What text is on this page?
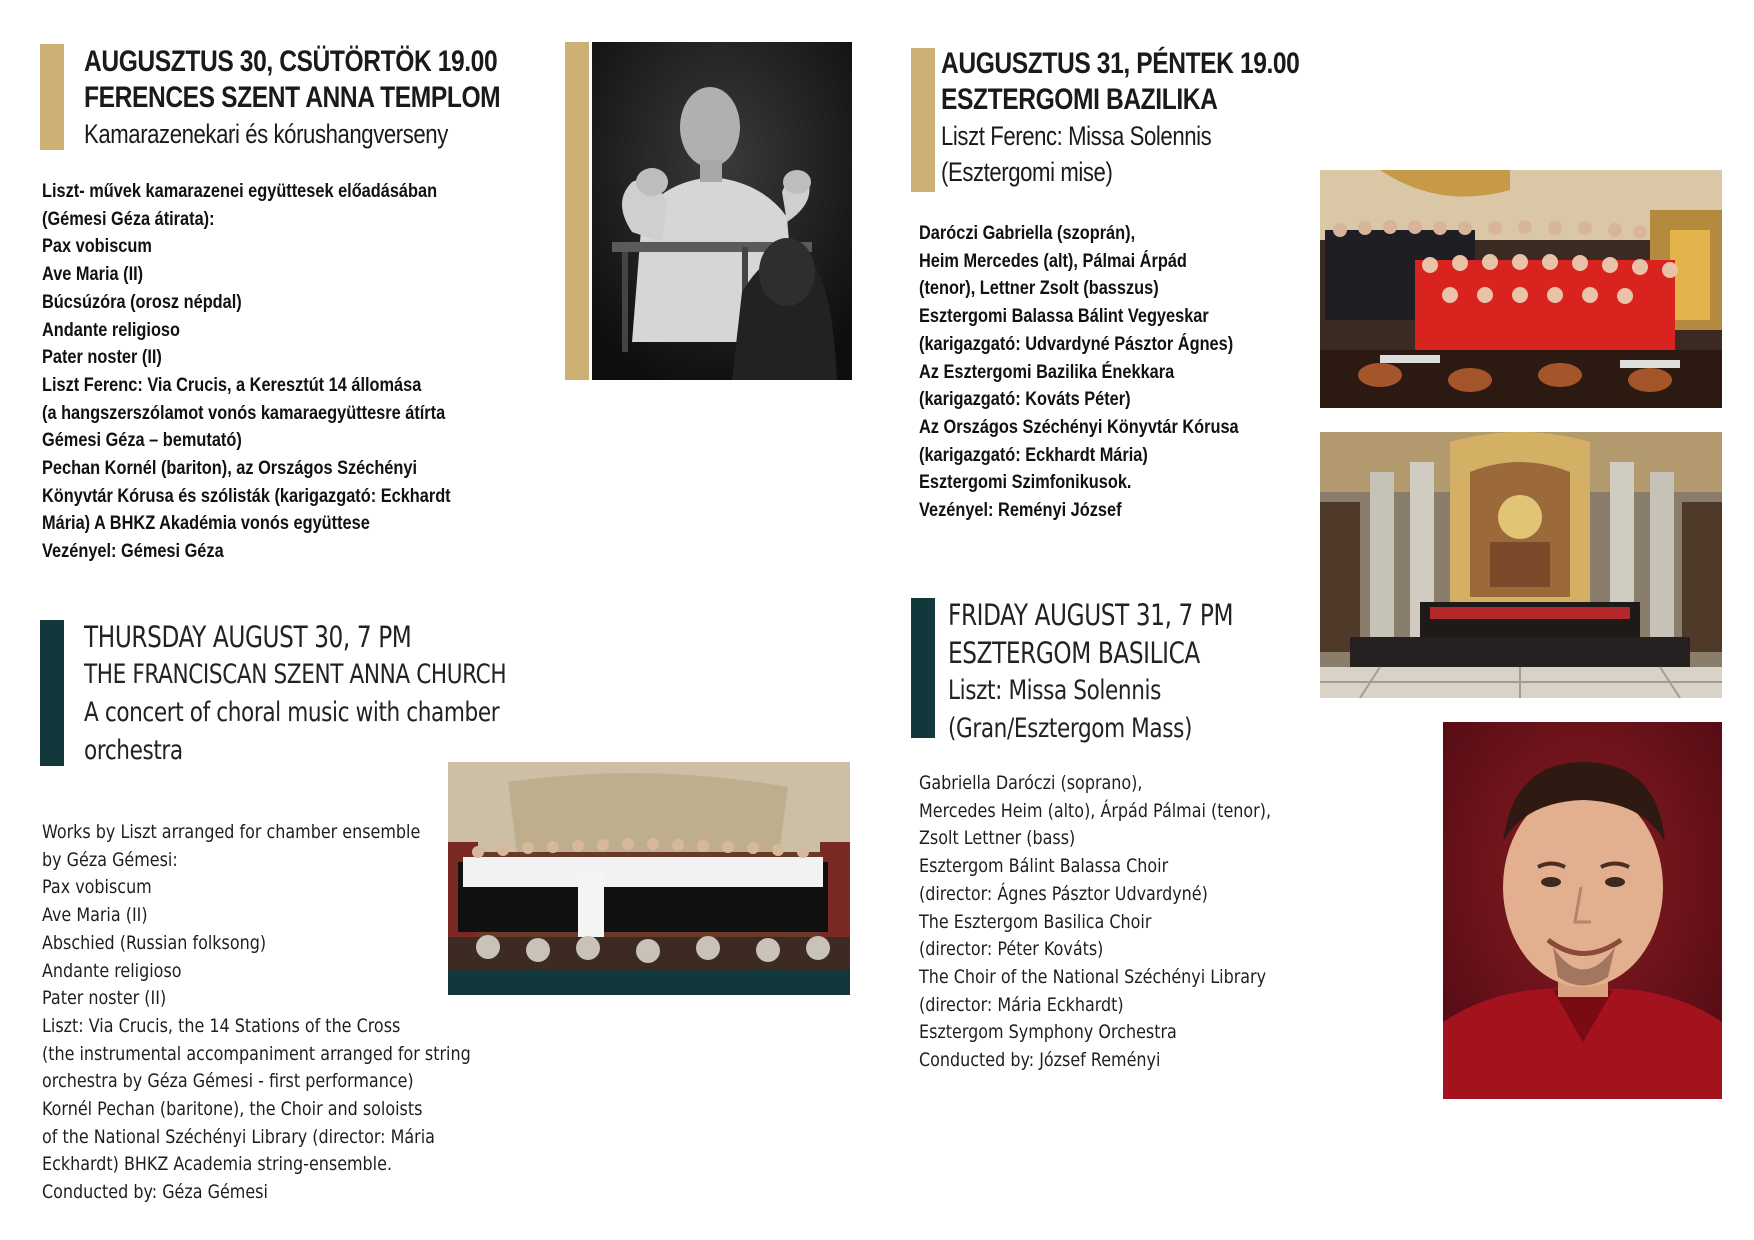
AUGUSZTUS 30, CSÜTÖRTÖK 19.00
FERENCES SZENT ANNA TEMPLOM
Kamarazenekari és kórushangverseny
Liszt- művek kamarazenei együttesek előadásában
(Gémesi Géza átirata):
Pax vobiscum
Ave Maria (II)
Búcsúzóra (orosz népdal)
Andante religioso
Pater noster (II)
Liszt Ferenc: Via Crucis, a Keresztút 14 állomása
(a hangszerszólamot vonós kamaraegyüttesre átírta
Gémesi Géza – bemutató)
Pechan Kornél (bariton), az Országos Széchényi
Könyvtár Kórusa és szólisták (karigazgató: Eckhardt
Mária) A BHKZ Akadémia vonós együttese
Vezényel: Gémesi Géza
THURSDAY AUGUST 30, 7 PM
THE FRANCISCAN SZENT ANNA CHURCH
A concert of choral music with chamber
orchestra
Works by Liszt arranged for chamber ensemble
by Géza Gémesi:
Pax vobiscum
Ave Maria (II)
Abschied (Russian folksong)
Andante religioso
Pater noster (II)
Liszt: Via Crucis, the 14 Stations of the Cross
(the instrumental accompaniment arranged for string
orchestra by Géza Gémesi - first performance)
Kornél Pechan (baritone), the Choir and soloists
of the National Széchényi Library (director: Mária
Eckhardt) BHKZ Academia string-ensemble.
Conducted by: Géza Gémesi
AUGUSZTUS 31, PÉNTEK 19.00
ESZTERGOMI BAZILIKA
Liszt Ferenc: Missa Solennis
(Esztergomi mise)
Daróczi Gabriella (szoprán),
Heim Mercedes (alt), Pálmai Árpád
(tenor), Lettner Zsolt (basszus)
Esztergomi Balassa Bálint Vegyeskar
(karigazgató: Udvardyné Pásztor Ágnes)
Az Esztergomi Bazilika Énekkara
(karigazgató: Kováts Péter)
Az Országos Széchényi Könyvtár Kórusa
(karigazgató: Eckhardt Mária)
Esztergomi Szimfonikusok.
Vezényel: Reményi József
FRIDAY AUGUST 31, 7 PM
ESZTERGOM BASILICA
Liszt: Missa Solennis
(Gran/Esztergom Mass)
Gabriella Daróczi (soprano),
Mercedes Heim (alto), Árpád Pálmai (tenor),
Zsolt Lettner (bass)
Esztergom Bálint Balassa Choir
(director: Ágnes Pásztor Udvardyné)
The Esztergom Basilica Choir
(director: Péter Kováts)
The Choir of the National Széchényi Library
(director: Mária Eckhardt)
Esztergom Symphony Orchestra
Conducted by: József Reményi
